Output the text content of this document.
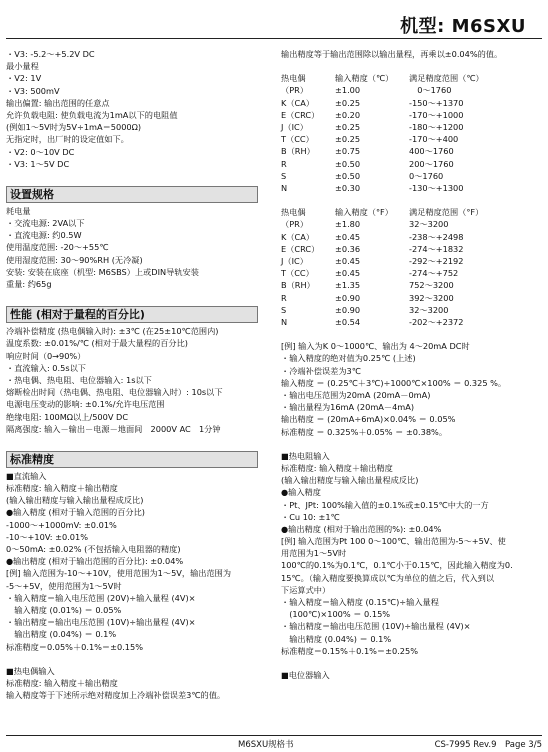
机型: M6SXU
・V3: -5.2～+5.2V DC
最小量程
・V2: 1V
・V3: 500mV
输出偏置: 输出范围的任意点
允许负载电阻: 使负载电流为1mA以下的电阻值
(例如1～5V时为5V÷1mA＝5000Ω)
无指定时，出厂时的设定值如下。
・V2: 0～10V DC
・V3: 1～5V DC
设置规格
耗电量
・交流电源: 2VA以下
・直流电源: 约0.5W
使用温度范围: -20～+55℃
使用湿度范围: 30～90%RH (无冷凝)
安装: 安装在底座（机型: M6SBS）上或DIN导轨安装
重量: 约65g
性能 (相对于量程的百分比)
冷端补偿精度 (热电偶输入时): ±3℃ (在25±10℃范围内)
温度系数: ±0.01%/℃ (相对于最大量程的百分比)
响应时间（0→90%）
・直流输入: 0.5s以下
・热电偶、热电阻、电位器输入: 1s以下
熔断检出时间（热电偶、热电阻、电位器输入时）: 10s以下
电源电压变动的影响: ±0.1%/允许电压范围
绝缘电阻: 100MΩ以上/500V DC
隔离强度: 输入－输出－电源－地面间　2000V AC　1分钟
标准精度
■直流输入
标准精度: 输入精度＋输出精度
(输入输出精度与输入输出量程成反比)
●输入精度 (相对于输入范围的百分比)
-1000～+1000mV: ±0.01%
-10～+10V: ±0.01%
0～50mA: ±0.02% (不包括输入电阻器的精度)
●输出精度 (相对于输出范围的百分比): ±0.04%
[例] 输入范围为-10～+10V，使用范围为1～5V，输出范围为
-5～+5V，使用范围为1～5V时
・输入精度＝输入电压范围 (20V)÷输入量程 (4V)×
　输入精度 (0.01%) ＝ 0.05%
・输出精度＝输出电压范围 (10V)÷输出量程 (4V)×
　输出精度 (0.04%) ＝ 0.1%
标准精度＝0.05%＋0.1%＝±0.15%
■热电偶输入
标准精度: 输入精度＋输出精度
输入精度等于下述所示绝对精度加上冷端补偿误差3℃的值。
输出精度等于输出范围除以输出量程，再乘以±0.04%的值。
热电偶	输入精度（℃）	满足精度范围（℃）
（PR）	±1.00	　0～1760
K（CA）	±0.25	-150～+1370
E（CRC）	±0.20	-170～+1000
J（IC）	±0.25	-180～+1200
T（CC）	±0.25	-170～+400
B（RH）	±0.75	400～1760
R	±0.50	200～1760
S	±0.50	0～1760
N	±0.30	-130～+1300
热电偶	输入精度（°F）	满足精度范围（°F）
（PR）	±1.80	32～3200
K（CA）	±0.45	-238～+2498
E（CRC）	±0.36	-274～+1832
J（IC）	±0.45	-292～+2192
T（CC）	±0.45	-274～+752
B（RH）	±1.35	752～3200
R	±0.90	392～3200
S	±0.90	32～3200
N	±0.54	-202～+2372
[例] 输入为K 0～1000℃、输出为 4～20mA DC时
・输入精度的绝对值为0.25℃ (上述)
・冷端补偿误差为3℃
输入精度 ＝ (0.25℃＋3℃)÷1000℃×100% ＝ 0.325 %。
・输出电压范围为20mA (20mA－0mA)
・输出量程为16mA (20mA－4mA)
输出精度 ＝ (20mA÷6mA)×0.04% ＝ 0.05%
标准精度 ＝ 0.325%＋0.05% ＝ ±0.38%。
■热电阻输入
标准精度: 输入精度＋输出精度
(输入输出精度与输入输出量程成反比)
●输入精度
・Pt、JPt: 100%输入值的±0.1%或±0.15℃中大的一方
・Cu 10: ±1℃
●输出精度 (相对于输出范围的%): ±0.04%
[例] 输入范围为Pt 100 0～100℃、输出范围为-5～+5V、使
用范围为1～5V时
100℃的0.1%为0.1℃，0.1℃小于0.15℃，因此输入精度为0.
15℃。（输入精度要换算成以℃为单位的值之后，代入到以
下运算式中）
・输入精度＝输入精度 (0.15℃)÷输入量程
　(100℃)×100% ＝ 0.15%
・输出精度＝输出电压范围 (10V)÷输出量程 (4V)×
　输出精度 (0.04%) ＝ 0.1%
标准精度＝0.15%＋0.1%＝±0.25%
■电位器输入
M6SXU规格书	CS-7995 Rev.9　Page 3/5
